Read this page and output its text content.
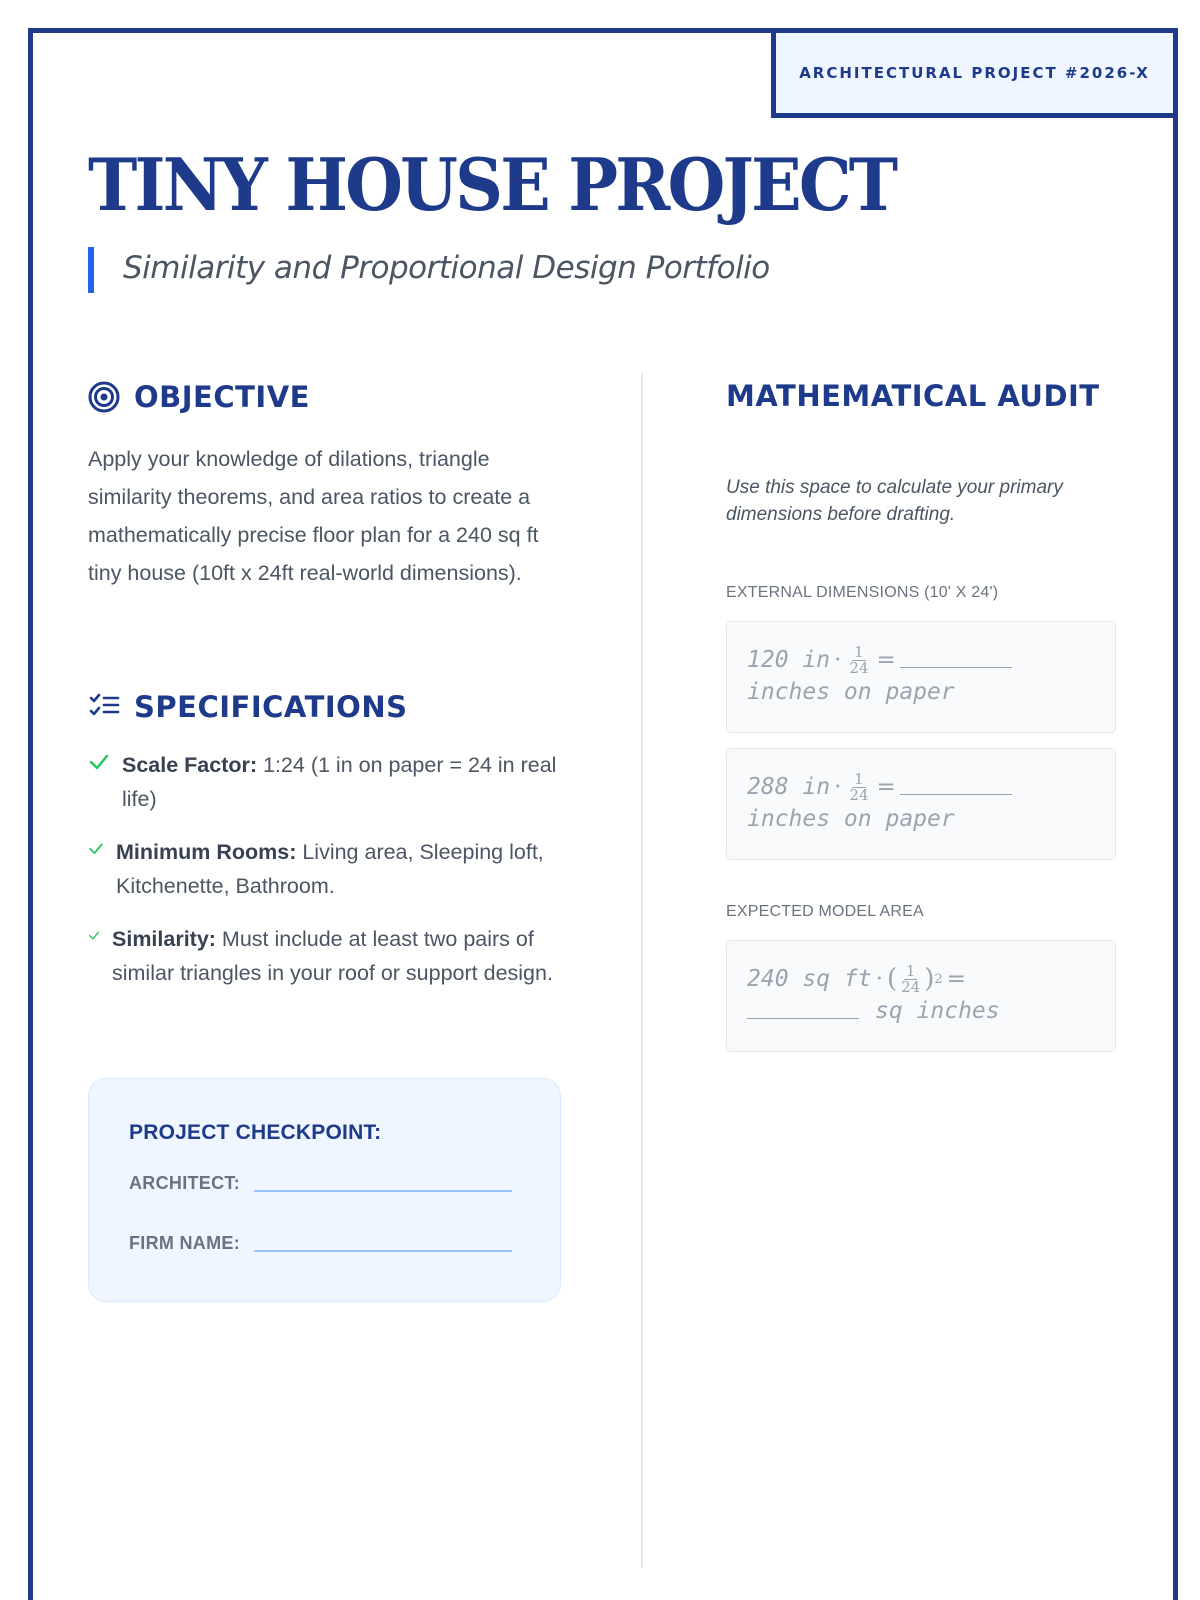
ARCHITECTURAL PROJECT #2026-X
TINY HOUSE PROJECT
Similarity and Proportional Design Portfolio
OBJECTIVE

Apply your knowledge of dilations, triangle similarity theorems, and area ratios to create a mathematically precise floor plan for a 240 sq ft tiny house (10ft x 24ft real-world dimensions).

SPECIFICATIONS
Scale Factor: 1:24 (1 in on paper = 24 in real life)
Minimum Rooms: Living area, Sleeping loft, Kitchenette, Bathroom.
Similarity: Must include at least two pairs of similar triangles in your roof or support design.
PROJECT CHECKPOINT:
ARCHITECT:
FIRM NAME:
MATHEMATICAL AUDIT

Use this space to calculate your primary dimensions before drafting.

EXTERNAL DIMENSIONS (10' X 24')
120 in · $\frac{1}{24}$ =
inches on paper
288 in · $\frac{1}{24}$ =
inches on paper
EXPECTED MODEL AREA
240 sq ft · ( $\frac{1}{24}$ ) 2 =
sq inches
